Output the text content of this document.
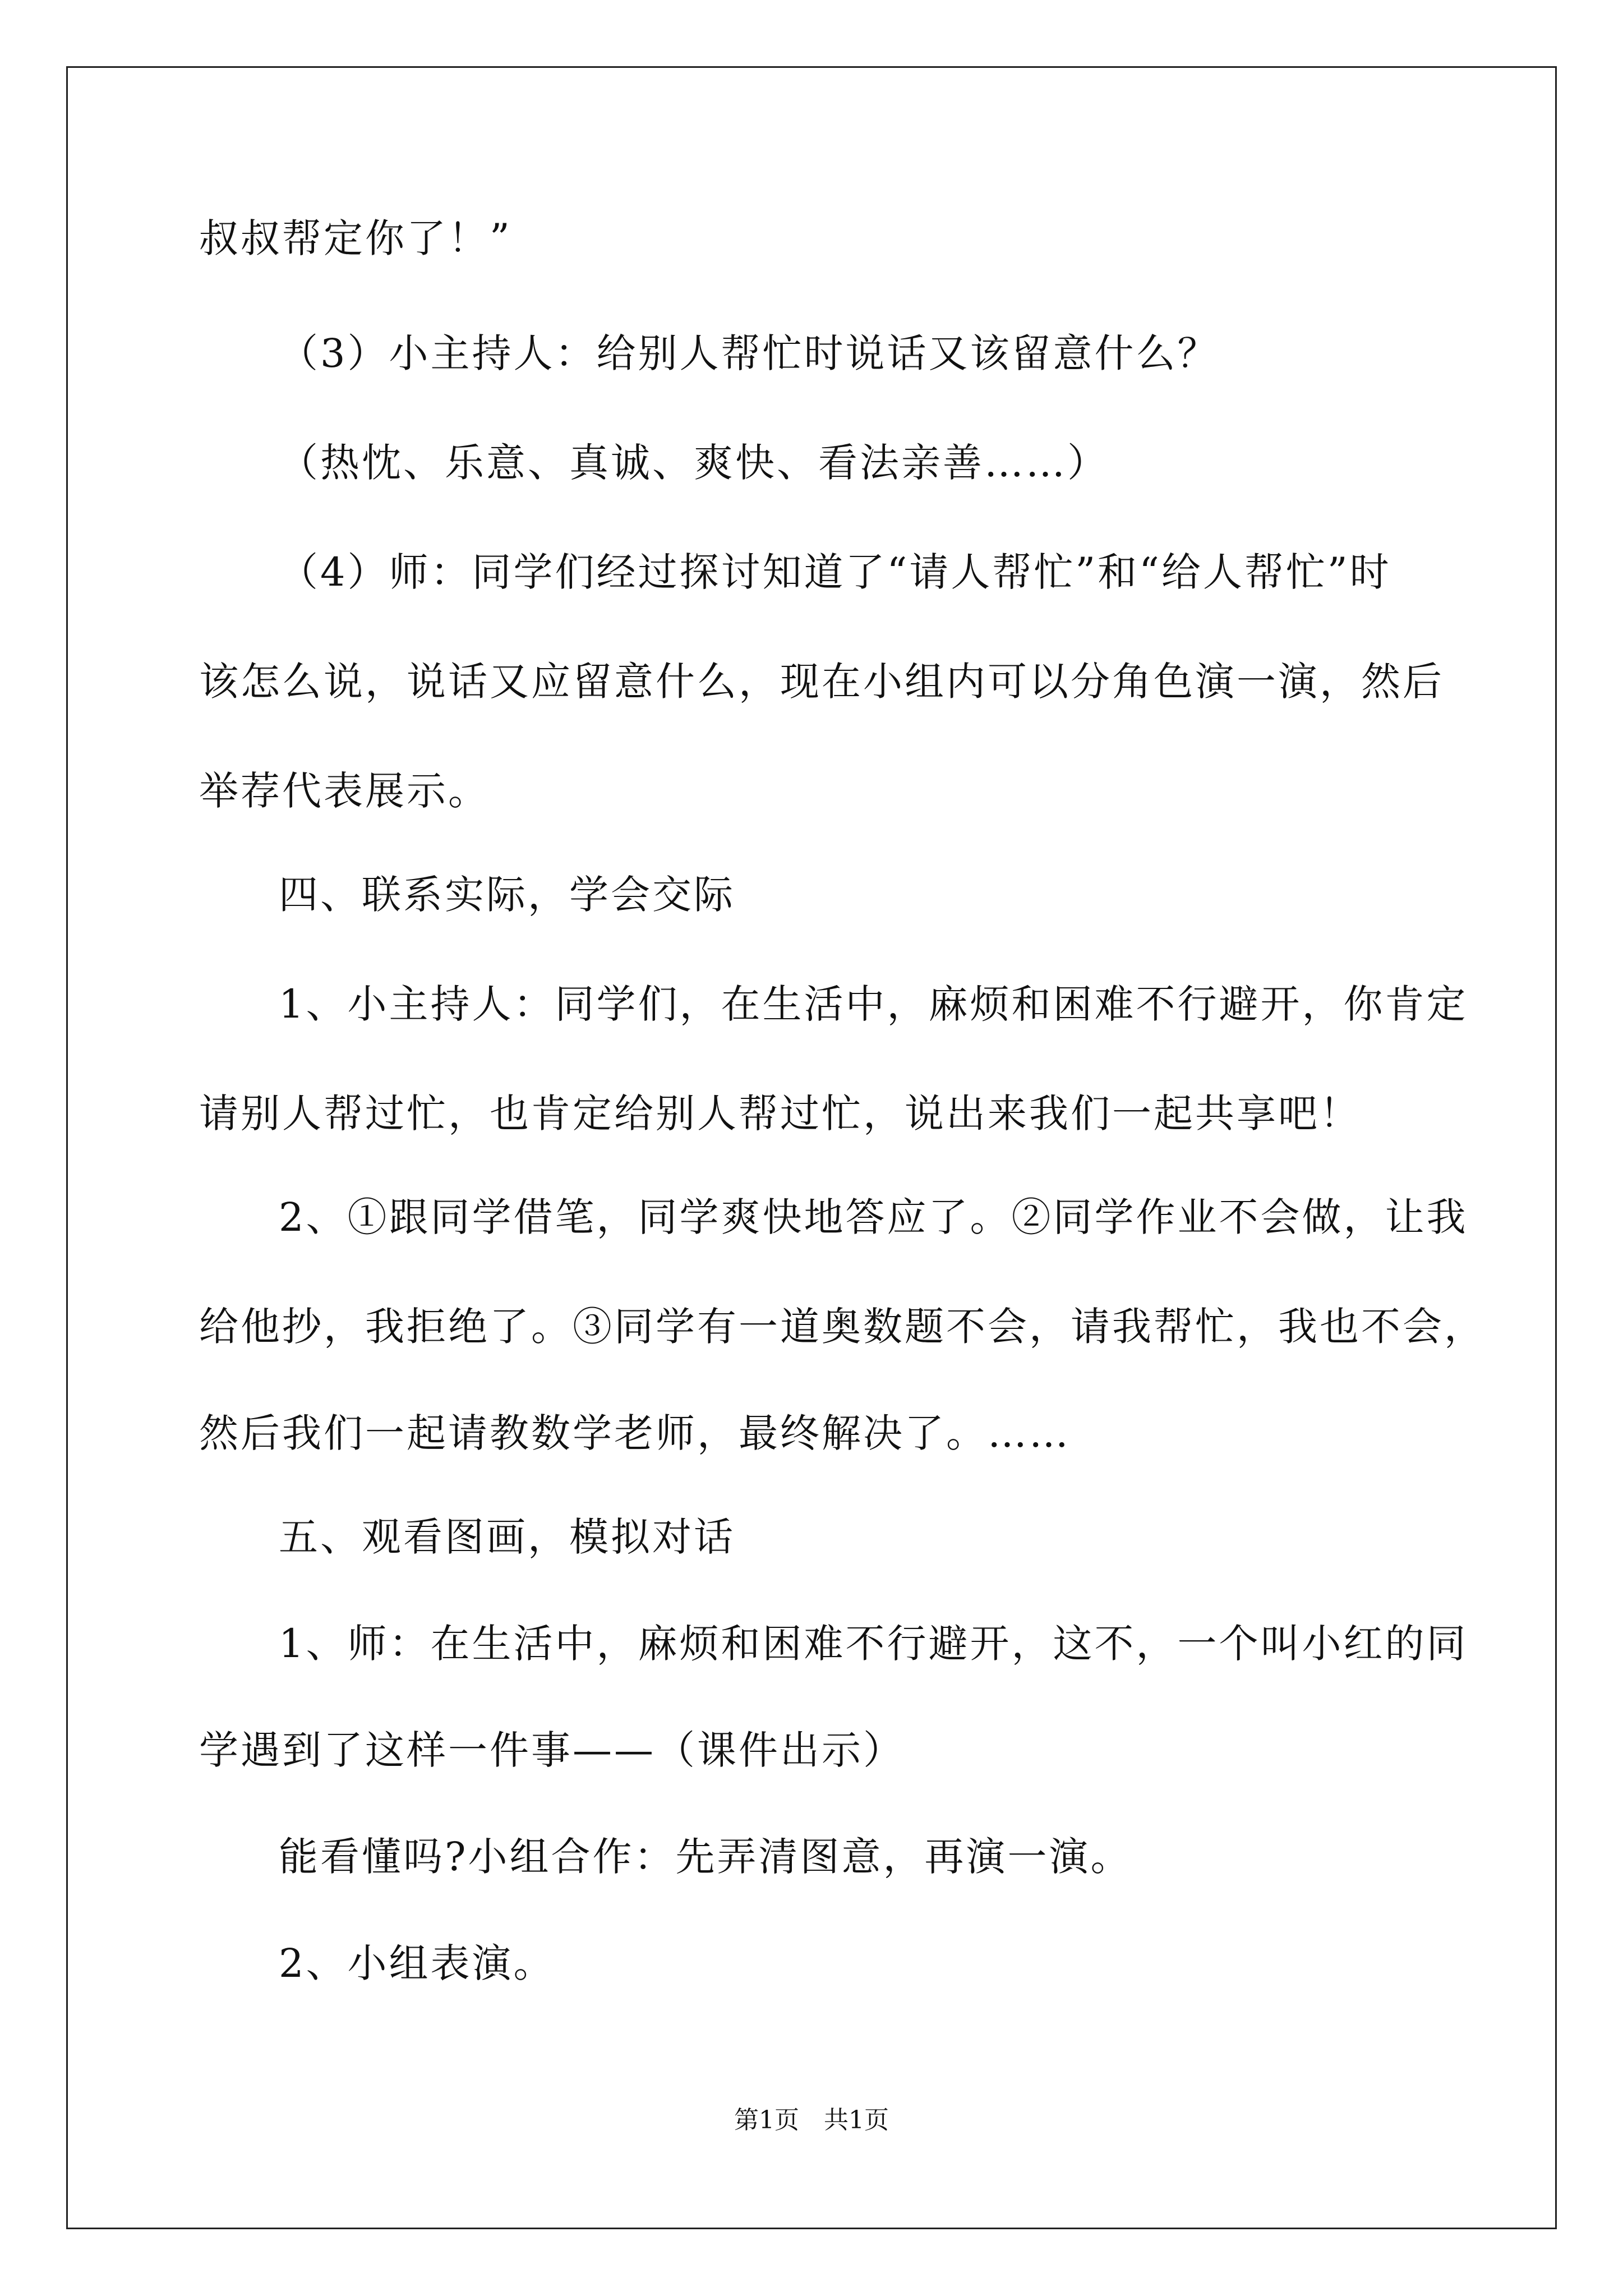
叔叔帮定你了！”
（3）小主持人：给别人帮忙时说话又该留意什么？
（热忱、乐意、真诚、爽快、看法亲善……）
（4）师：同学们经过探讨知道了“请人帮忙”和“给人帮忙”时
该怎么说，说话又应留意什么，现在小组内可以分角色演一演，然后
举荐代表展示。
四、联系实际，学会交际
1、小主持人：同学们，在生活中，麻烦和困难不行避开，你肯定
请别人帮过忙，也肯定给别人帮过忙，说出来我们一起共享吧！
2、①跟同学借笔，同学爽快地答应了。②同学作业不会做，让我
给他抄，我拒绝了。③同学有一道奥数题不会，请我帮忙，我也不会，
然后我们一起请教数学老师，最终解决了。……
五、观看图画，模拟对话
1、师：在生活中，麻烦和困难不行避开，这不，一个叫小红的同
学遇到了这样一件事——（课件出示）
能看懂吗?小组合作：先弄清图意，再演一演。
2、小组表演。
第1页　共1页
